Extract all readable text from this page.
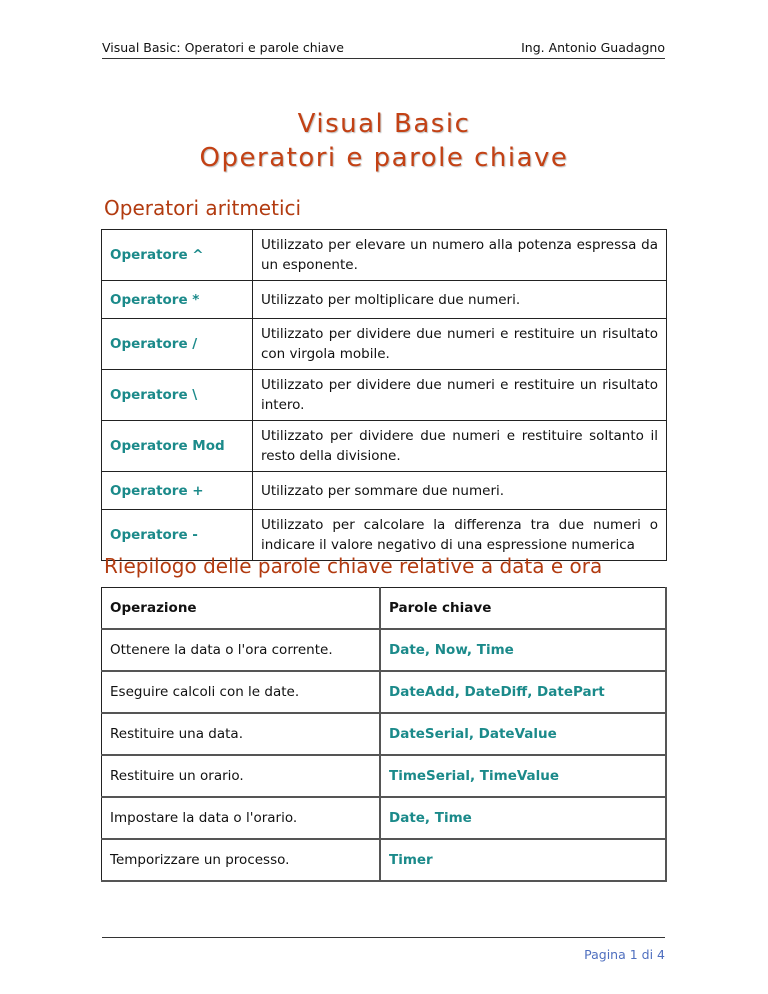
Visual Basic: Operatori e parole chiave	Ing. Antonio Guadagno
Visual Basic
Operatori e parole chiave
Operatori aritmetici
Operatore ^	Utilizzato per elevare un numero alla potenza espressa da un esponente.
Operatore *	Utilizzato per moltiplicare due numeri.
Operatore /	Utilizzato per dividere due numeri e restituire un risultato con virgola mobile.
Operatore \	Utilizzato per dividere due numeri e restituire un risultato intero.
Operatore Mod	Utilizzato per dividere due numeri e restituire soltanto il resto della divisione.
Operatore +	Utilizzato per sommare due numeri.
Operatore -	Utilizzato per calcolare la differenza tra due numeri o indicare il valore negativo di una espressione numerica
Riepilogo delle parole chiave relative a data e ora
Operazione	Parole chiave
Ottenere la data o l'ora corrente.	Date, Now, Time
Eseguire calcoli con le date.	DateAdd, DateDiff, DatePart
Restituire una data.	DateSerial, DateValue
Restituire un orario.	TimeSerial, TimeValue
Impostare la data o l'orario.	Date, Time
Temporizzare un processo.	Timer
Pagina 1 di 4
